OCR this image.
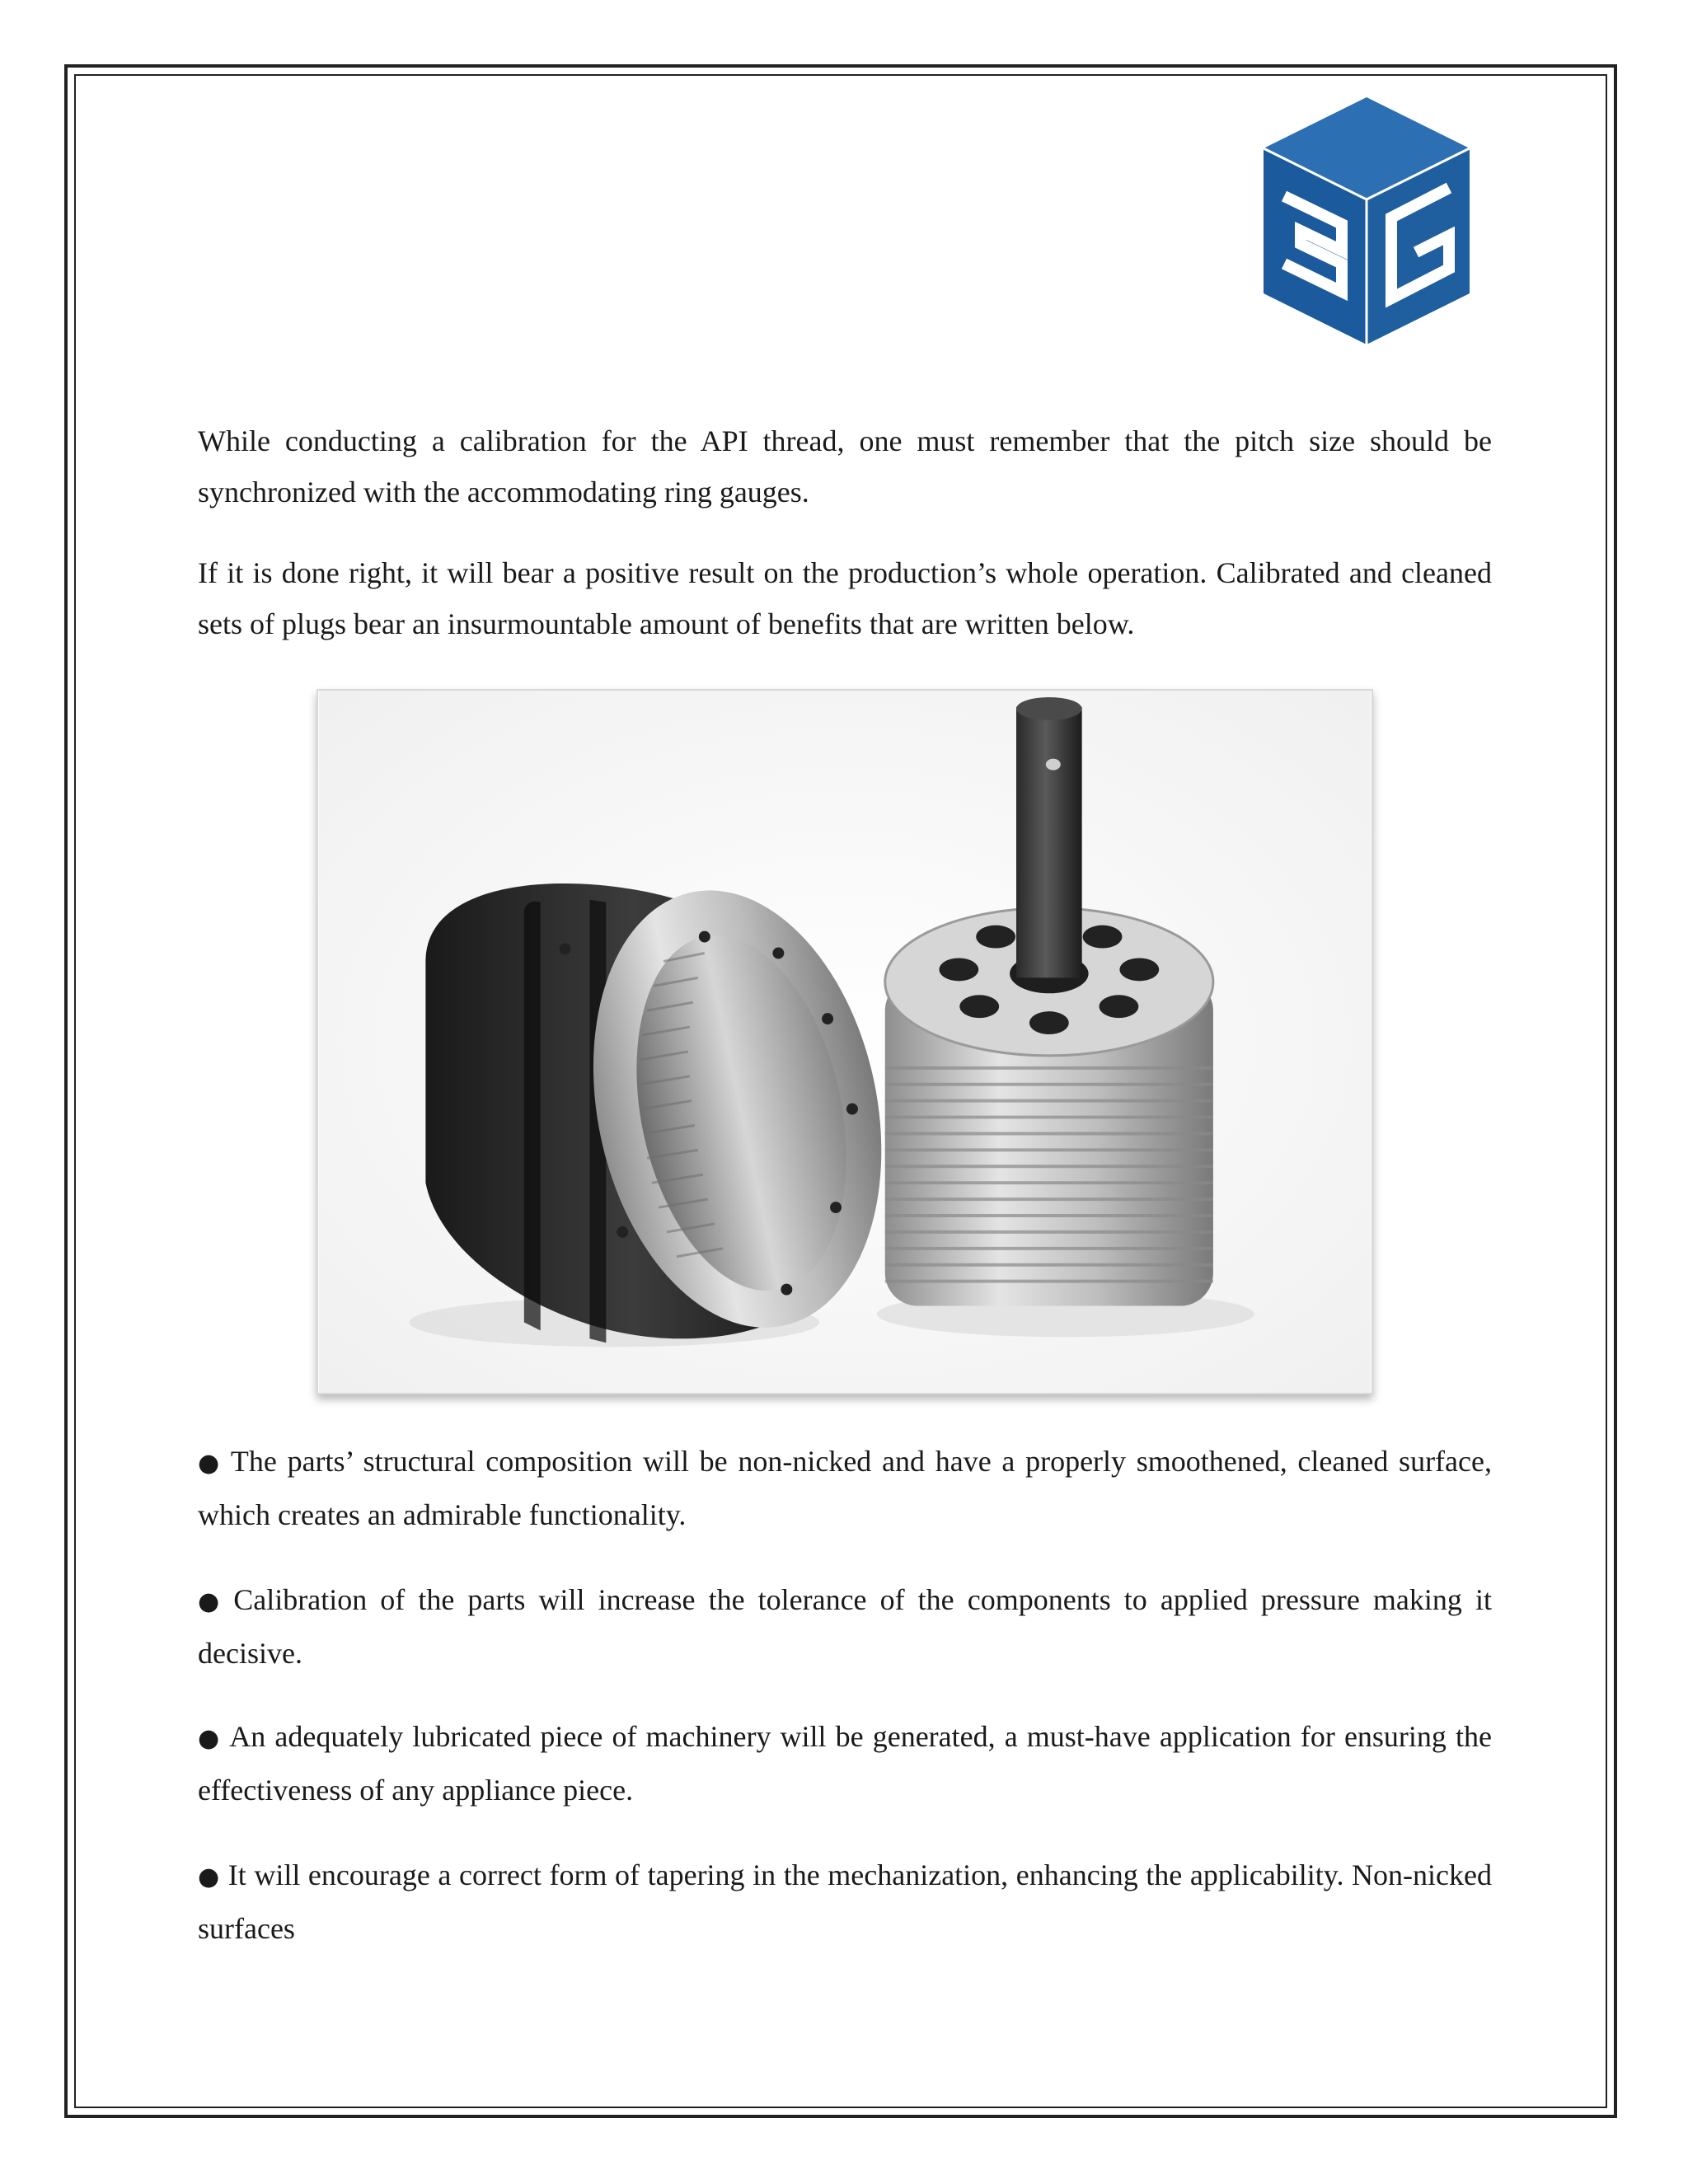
While conducting a calibration for the API thread, one must remember that the pitch size should be synchronized with the accommodating ring gauges.

If it is done right, it will bear a positive result on the production’s whole operation. Calibrated and cleaned sets of plugs bear an insurmountable amount of benefits that are written below.

● The parts’ structural composition will be non-nicked and have a properly smoothened, cleaned surface, which creates an admirable functionality.

● Calibration of the parts will increase the tolerance of the components to applied pressure making it decisive.

● An adequately lubricated piece of machinery will be generated, a must-have application for ensuring the effectiveness of any appliance piece.

● It will encourage a correct form of tapering in the mechanization, enhancing the applicability. Non-nicked surfaces
